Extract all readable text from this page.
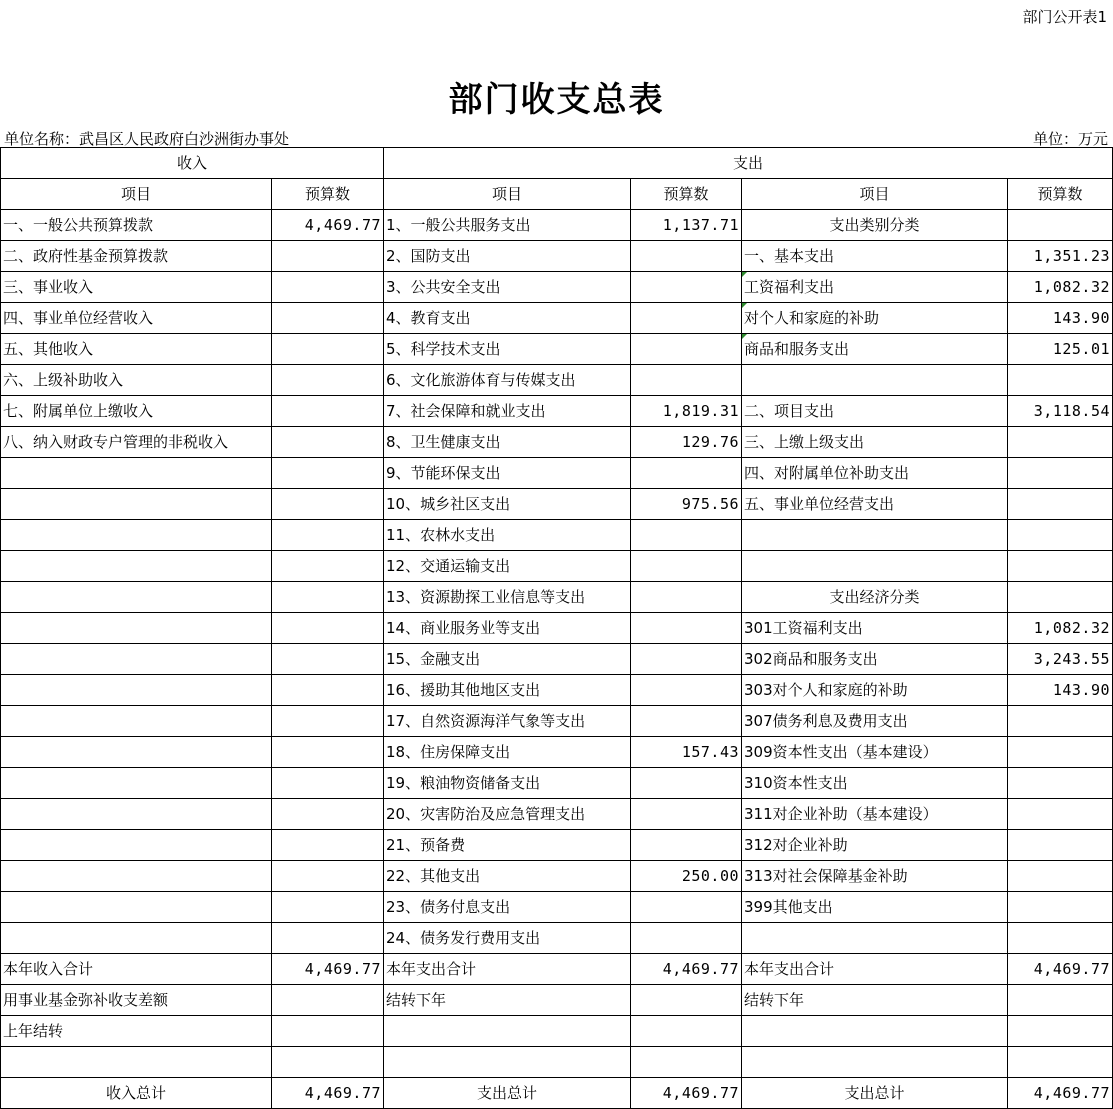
部门公开表1
部门收支总表
单位名称：武昌区人民政府白沙洲街办事处	单位：万元
收入		支出			
项目	预算数	项目	预算数	项目	预算数
一、一般公共预算拨款	4,469.77	1、一般公共服务支出	1,137.71	支出类别分类	
二、政府性基金预算拨款		2、国防支出		一、基本支出	1,351.23
三、事业收入		3、公共安全支出		工资福利支出	1,082.32
四、事业单位经营收入		4、教育支出		对个人和家庭的补助	143.90
五、其他收入		5、科学技术支出		商品和服务支出	125.01
六、上级补助收入		6、文化旅游体育与传媒支出			
七、附属单位上缴收入		7、社会保障和就业支出	1,819.31	二、项目支出	3,118.54
八、纳入财政专户管理的非税收入		8、卫生健康支出	129.76	三、上缴上级支出	
		9、节能环保支出		四、对附属单位补助支出	
		10、城乡社区支出	975.56	五、事业单位经营支出	
		11、农林水支出			
		12、交通运输支出			
		13、资源勘探工业信息等支出		支出经济分类	
		14、商业服务业等支出		301工资福利支出	1,082.32
		15、金融支出		302商品和服务支出	3,243.55
		16、援助其他地区支出		303对个人和家庭的补助	143.90
		17、自然资源海洋气象等支出		307债务利息及费用支出	
		18、住房保障支出	157.43	309资本性支出（基本建设）	
		19、粮油物资储备支出		310资本性支出	
		20、灾害防治及应急管理支出		311对企业补助（基本建设）	
		21、预备费		312对企业补助	
		22、其他支出	250.00	313对社会保障基金补助	
		23、债务付息支出		399其他支出	
		24、债务发行费用支出			
本年收入合计	4,469.77	本年支出合计	4,469.77	本年支出合计	4,469.77
用事业基金弥补收支差额		结转下年		结转下年	
上年结转					

收入总计	4,469.77	支出总计	4,469.77	支出总计	4,469.77
